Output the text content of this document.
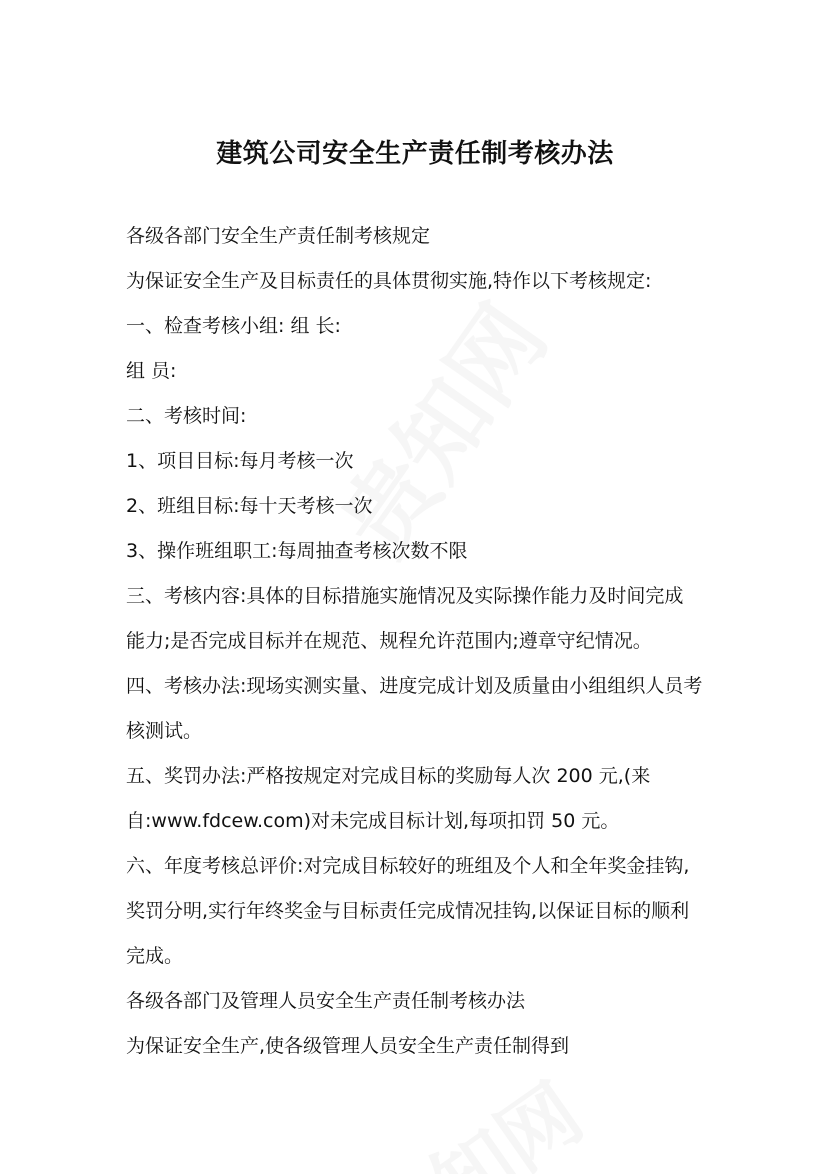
建筑公司安全生产责任制考核办法

各级各部门安全生产责任制考核规定

为保证安全生产及目标责任的具体贯彻实施,特作以下考核规定:

一、检查考核小组: 组 长:

组 员:

二、考核时间:

1、项目目标:每月考核一次

2、班组目标:每十天考核一次

3、操作班组职工:每周抽查考核次数不限

三、考核内容:具体的目标措施实施情况及实际操作能力及时间完成

能力;是否完成目标并在规范、规程允许范围内;遵章守纪情况。

四、考核办法:现场实测实量、进度完成计划及质量由小组组织人员考

核测试。

五、奖罚办法:严格按规定对完成目标的奖励每人次 200 元,(来

自:www.fdcew.com)对未完成目标计划,每项扣罚 50 元。

六、年度考核总评价:对完成目标较好的班组及个人和全年奖金挂钩,

奖罚分明,实行年终奖金与目标责任完成情况挂钩,以保证目标的顺利

完成。

各级各部门及管理人员安全生产责任制考核办法

为保证安全生产,使各级管理人员安全生产责任制得到
